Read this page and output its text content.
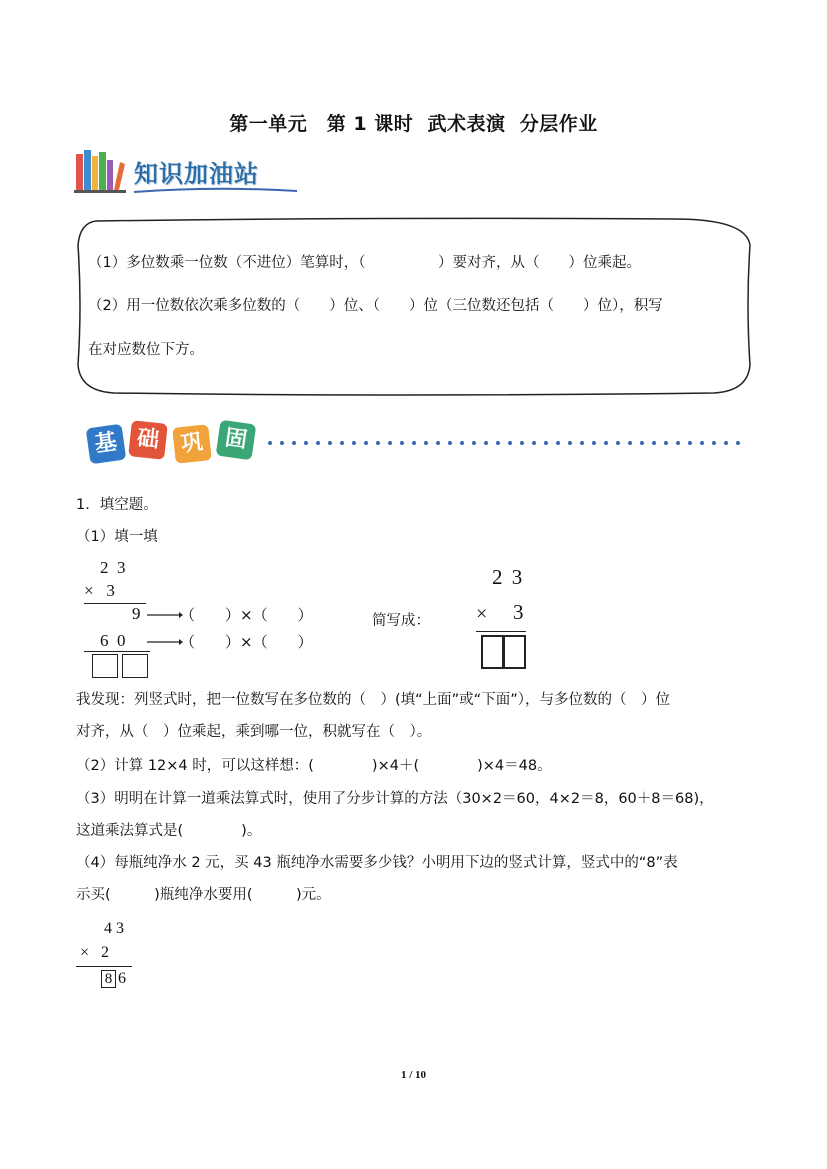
第一单元　第 1 课时  武术表演  分层作业
知识加油站
（1）多位数乘一位数（不进位）笔算时，（　　　　　）要对齐，从（　　）位乘起。
（2）用一位数依次乘多位数的（　　）位、（　　）位（三位数还包括（　　）位），积写
在对应数位下方。
基 础 巩 固
1．填空题。
（1）填一填
2  3
×   3
9	（　　）×（　　）
6  0	（　　）×（　　）
简写成：
2 3
× 3
我发现：列竖式时，把一位数写在多位数的（　）(填“上面”或“下面”），与多位数的（　）位
对齐，从（　）位乘起，乘到哪一位，积就写在（　）。
（2）计算 12×4 时，可以这样想：(　　　　)×4＋(　　　　)×4＝48。
（3）明明在计算一道乘法算式时，使用了分步计算的方法（30×2＝60，4×2＝8，60＋8＝68)，
这道乘法算式是(　　　　)。
（4）每瓶纯净水 2 元，买 43 瓶纯净水需要多少钱？小明用下边的竖式计算，竖式中的“8”表
示买(　　　)瓶纯净水要用(　　　)元。
4 3
×   2
8 6
1 / 10
